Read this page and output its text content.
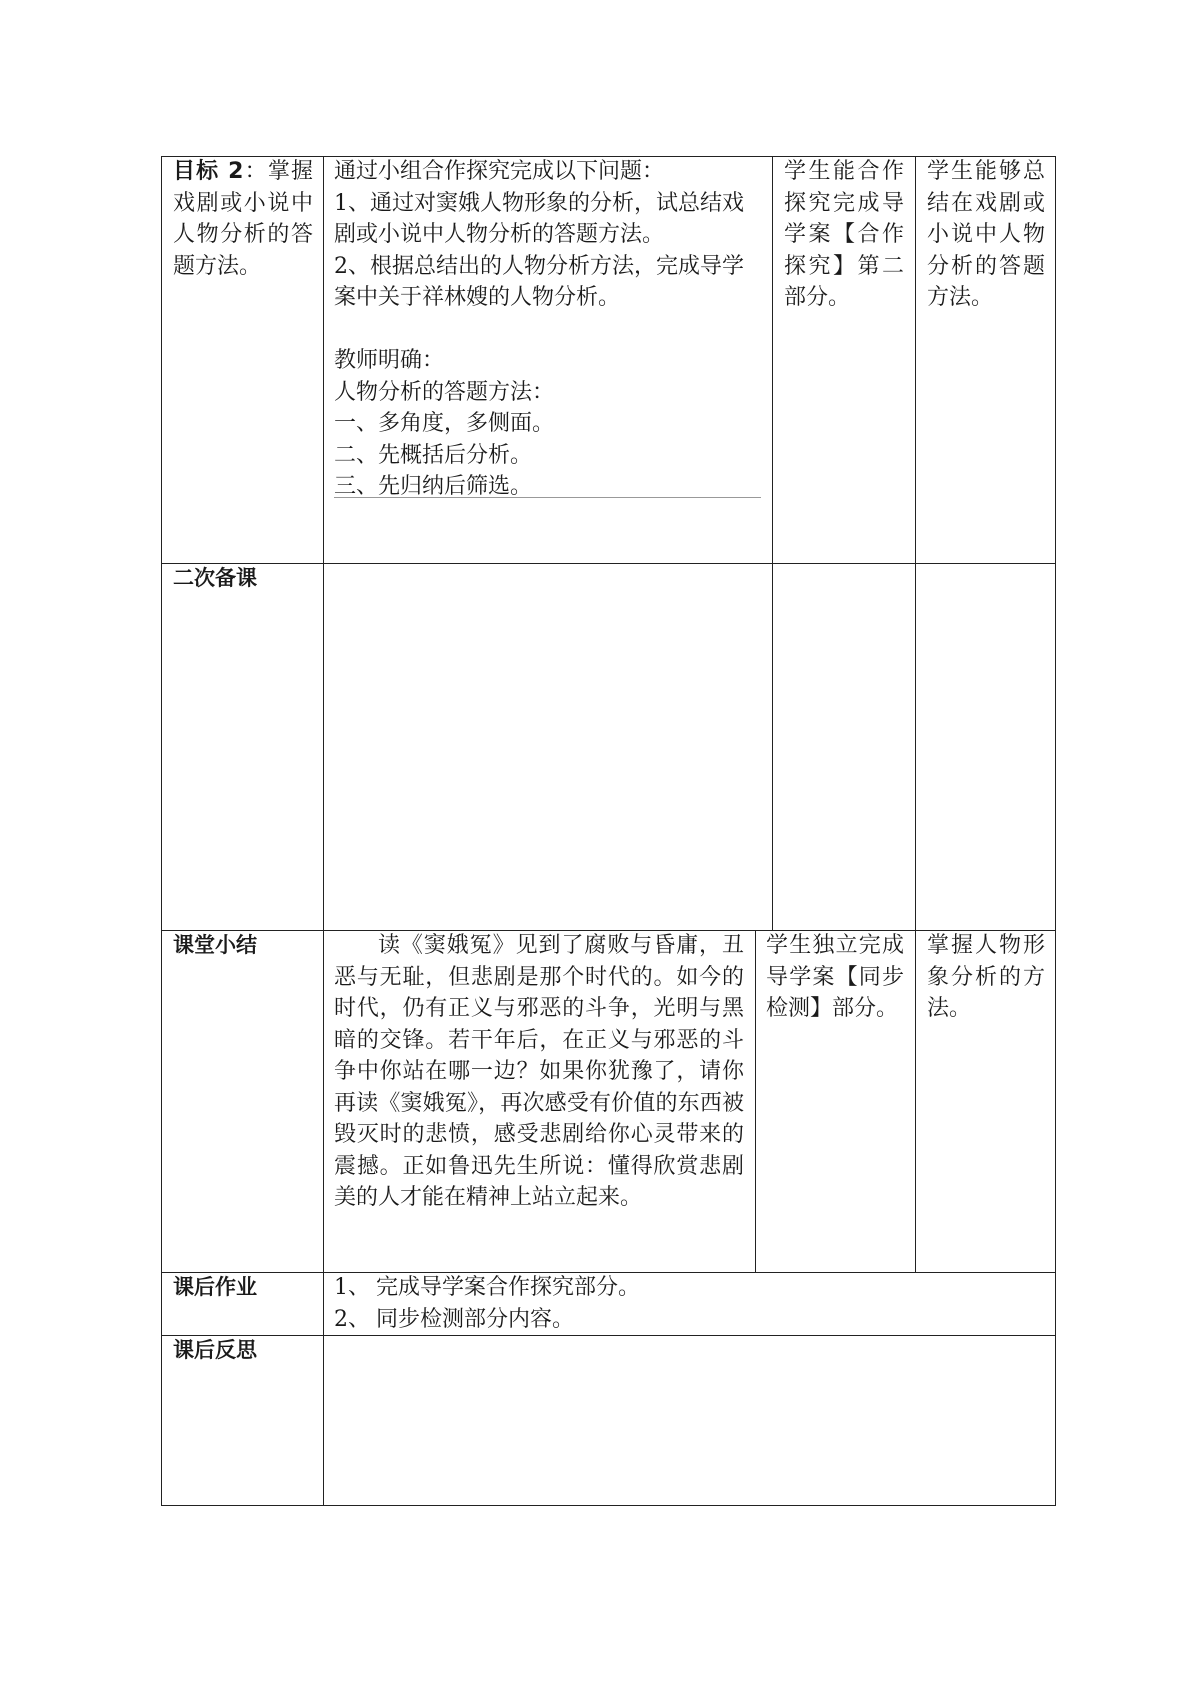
目标 2：掌握戏剧或小说中人物分析的答题方法。

通过小组合作探究完成以下问题：

1、通过对窦娥人物形象的分析，试总结戏剧或小说中人物分析的答题方法。

2、根据总结出的人物分析方法，完成导学案中关于祥林嫂的人物分析。

教师明确：

人物分析的答题方法：

一、多角度，多侧面。

二、先概括后分析。

三、先归纳后筛选。

学生能合作探究完成导学案【合作探究】第二部分。

学生能够总结在戏剧或小说中人物分析的答题方法。

二次备课

课堂小结	读《窦娥冤》见到了腐败与昏庸，丑恶与无耻，但悲剧是那个时代的。如今的时代，仍有正义与邪恶的斗争，光明与黑暗的交锋。若干年后，在正义与邪恶的斗争中你站在哪一边？如果你犹豫了，请你再读《窦娥冤》，再次感受有价值的东西被毁灭时的悲愤，感受悲剧给你心灵带来的震撼。正如鲁迅先生所说：懂得欣赏悲剧美的人才能在精神上站立起来。

学生独立完成导学案【同步检测】部分。

掌握人物形象分析的方法。

课后作业	1、 完成导学案合作探究部分。

2、 同步检测部分内容。

课后反思
